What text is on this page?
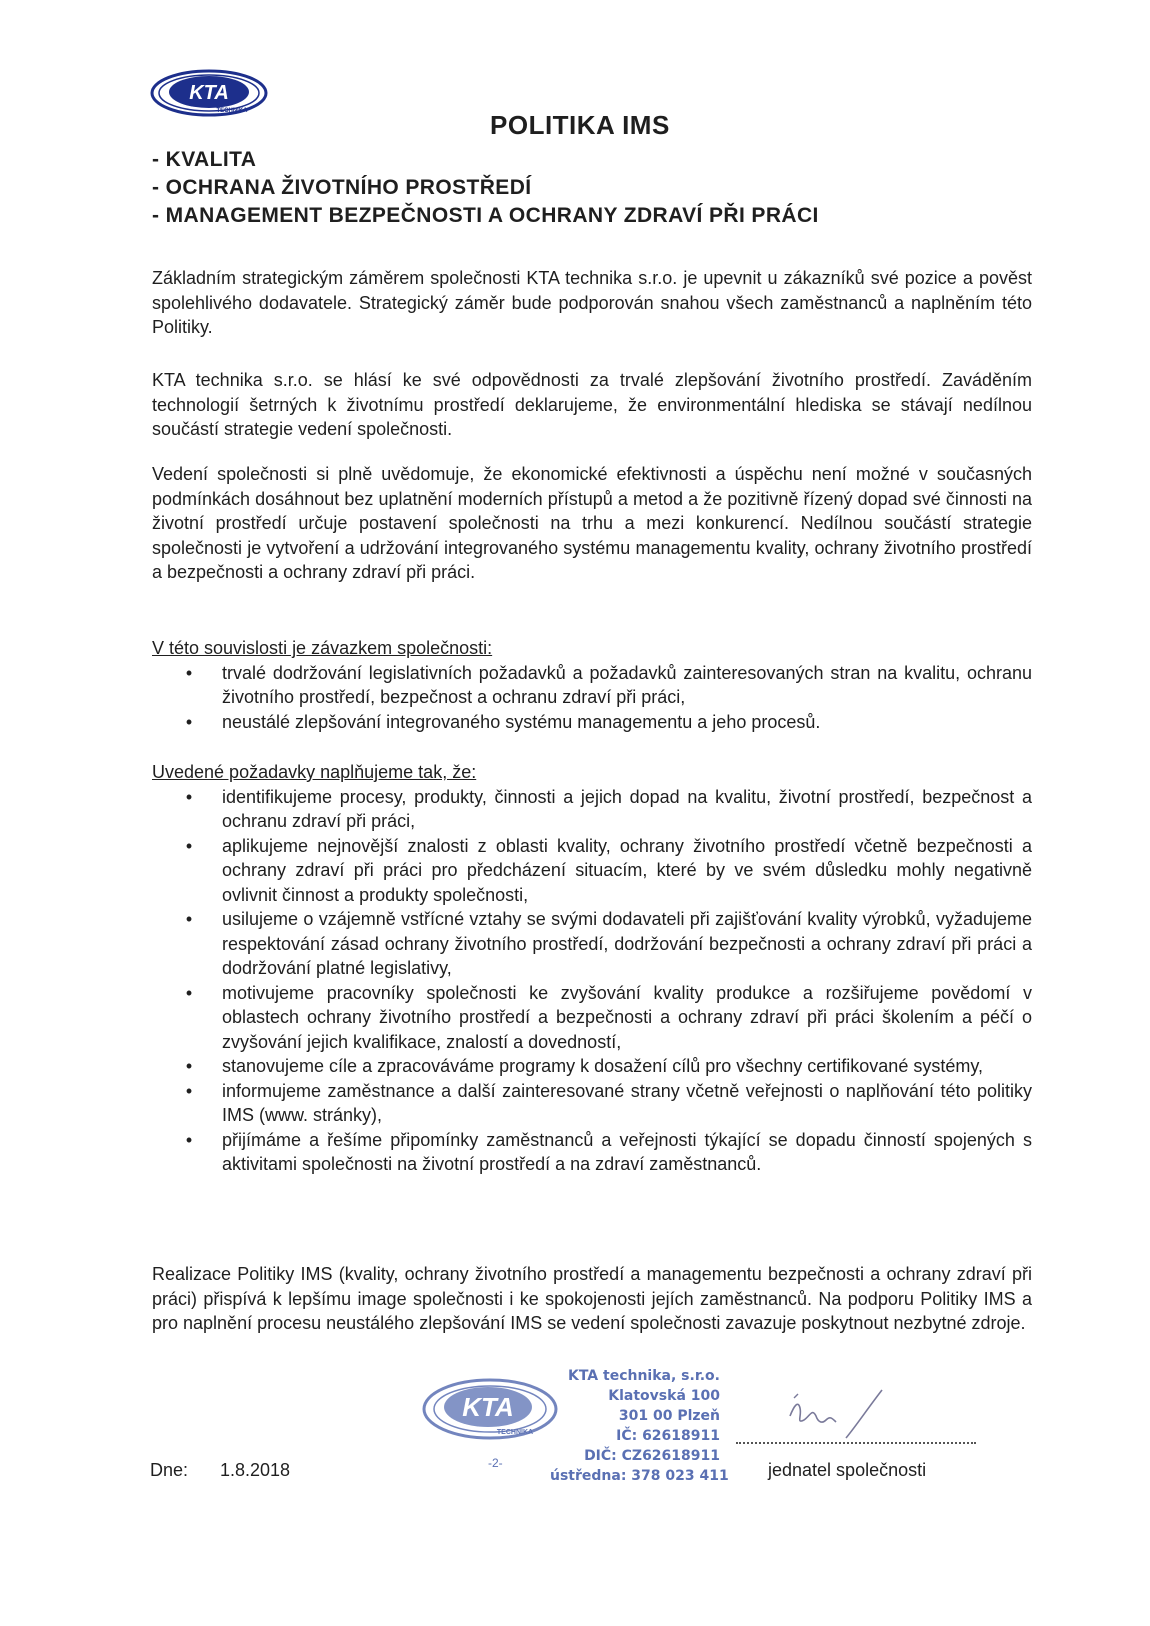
KTA
TECHNIKA	POLITIKA IMS
- KVALITA
- OCHRANA ŽIVOTNÍHO PROSTŘEDÍ
- MANAGEMENT BEZPEČNOSTI A OCHRANY ZDRAVÍ PŘI PRÁCI

Základním strategickým záměrem společnosti KTA technika s.r.o. je upevnit u zákazníků své pozice a pověst spolehlivého dodavatele. Strategický záměr bude podporován snahou všech zaměstnanců a naplněním této Politiky.

KTA technika s.r.o. se hlásí ke své odpovědnosti za trvalé zlepšování životního prostředí. Zaváděním technologií šetrných k životnímu prostředí deklarujeme, že environmentální hlediska se stávají nedílnou součástí strategie vedení společnosti.

Vedení společnosti si plně uvědomuje, že ekonomické efektivnosti a úspěchu není možné v současných podmínkách dosáhnout bez uplatnění moderních přístupů a metod a že pozitivně řízený dopad své činnosti na životní prostředí určuje postavení společnosti na trhu a mezi konkurencí. Nedílnou součástí strategie společnosti je vytvoření a udržování integrovaného systému managementu kvality, ochrany životního prostředí a bezpečnosti a ochrany zdraví při práci.

V této souvislosti je závazkem společnosti:
• trvalé dodržování legislativních požadavků a požadavků zainteresovaných stran na kvalitu, ochranu životního prostředí, bezpečnost a ochranu zdraví při práci,
• neustálé zlepšování integrovaného systému managementu a jeho procesů.
Uvedené požadavky naplňujeme tak, že:
• identifikujeme procesy, produkty, činnosti a jejich dopad na kvalitu, životní prostředí, bezpečnost a ochranu zdraví při práci,
• aplikujeme nejnovější znalosti z oblasti kvality, ochrany životního prostředí včetně bezpečnosti a ochrany zdraví při práci pro předcházení situacím, které by ve svém důsledku mohly negativně ovlivnit činnost a produkty společnosti,
• usilujeme o vzájemně vstřícné vztahy se svými dodavateli při zajišťování kvality výrobků, vyžadujeme respektování zásad ochrany životního prostředí, dodržování bezpečnosti a ochrany zdraví při práci a dodržování platné legislativy,
• motivujeme pracovníky společnosti ke zvyšování kvality produkce a rozšiřujeme povědomí v oblastech ochrany životního prostředí a bezpečnosti a ochrany zdraví při práci školením a péčí o zvyšování jejich kvalifikace, znalostí a dovedností,
• stanovujeme cíle a zpracováváme programy k dosažení cílů pro všechny certifikované systémy,
• informujeme zaměstnance a další zainteresované strany včetně veřejnosti o naplňování této politiky IMS (www. stránky),
• přijímáme a řešíme připomínky zaměstnanců a veřejnosti týkající se dopadu činností spojených s aktivitami společnosti na životní prostředí a na zdraví zaměstnanců.

Realizace Politiky IMS (kvality, ochrany životního prostředí a managementu bezpečnosti a ochrany zdraví při práci) přispívá k lepšímu image společnosti i ke spokojenosti jejích zaměstnanců. Na podporu Politiky IMS a pro naplnění procesu neustálého zlepšování IMS se vedení společnosti zavazuje poskytnout nezbytné zdroje.

KTA
TECHNIKA
KTA technika, s.r.o.
Klatovská 100
301 00 Plzeň
IČ: 62618911
DIČ: CZ62618911
ústředna: 378 023 411
-2-
Dne: 1.8.2018	jednatel společnosti
